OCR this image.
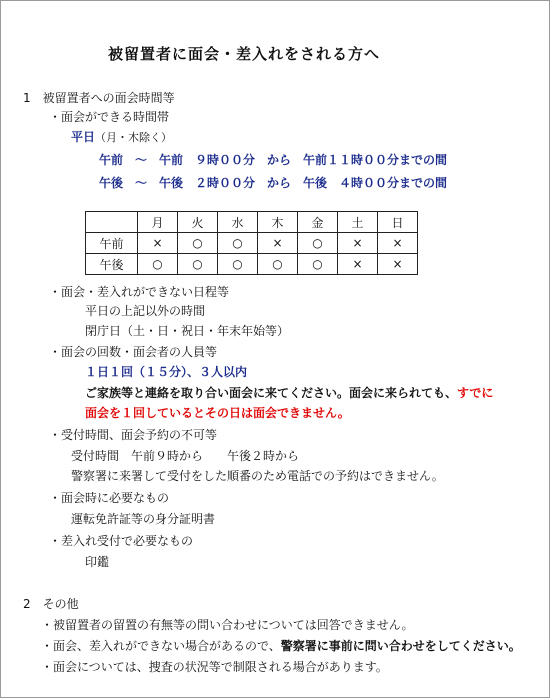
被留置者に面会・差入れをされる方へ
1　被留置者への面会時間等
・面会ができる時間帯
平日（月・木除く）
午前　～　午前　９時００分　から　午前１１時００分までの間
午後　～　午後　２時００分　から　午後　４時００分までの間
	月	火	水	木	金	土	日
午前	×	○	○	×	○	×	×
午後	○	○	○	○	○	×	×
・面会・差入れができない日程等
平日の上記以外の時間
閉庁日（土・日・祝日・年末年始等）
・面会の回数・面会者の人員等
１日１回（１５分）、３人以内
ご家族等と連絡を取り合い面会に来てください。面会に来られても、すでに
面会を１回しているとその日は面会できません。
・受付時間、面会予約の不可等
受付時間　午前９時から　　午後２時から
警察署に来署して受付をした順番のため電話での予約はできません。
・面会時に必要なもの
運転免許証等の身分証明書
・差入れ受付で必要なもの
印鑑
2　その他
・被留置者の留置の有無等の問い合わせについては回答できません。
・面会、差入れができない場合があるので、警察署に事前に問い合わせをしてください。
・面会については、捜査の状況等で制限される場合があります。
